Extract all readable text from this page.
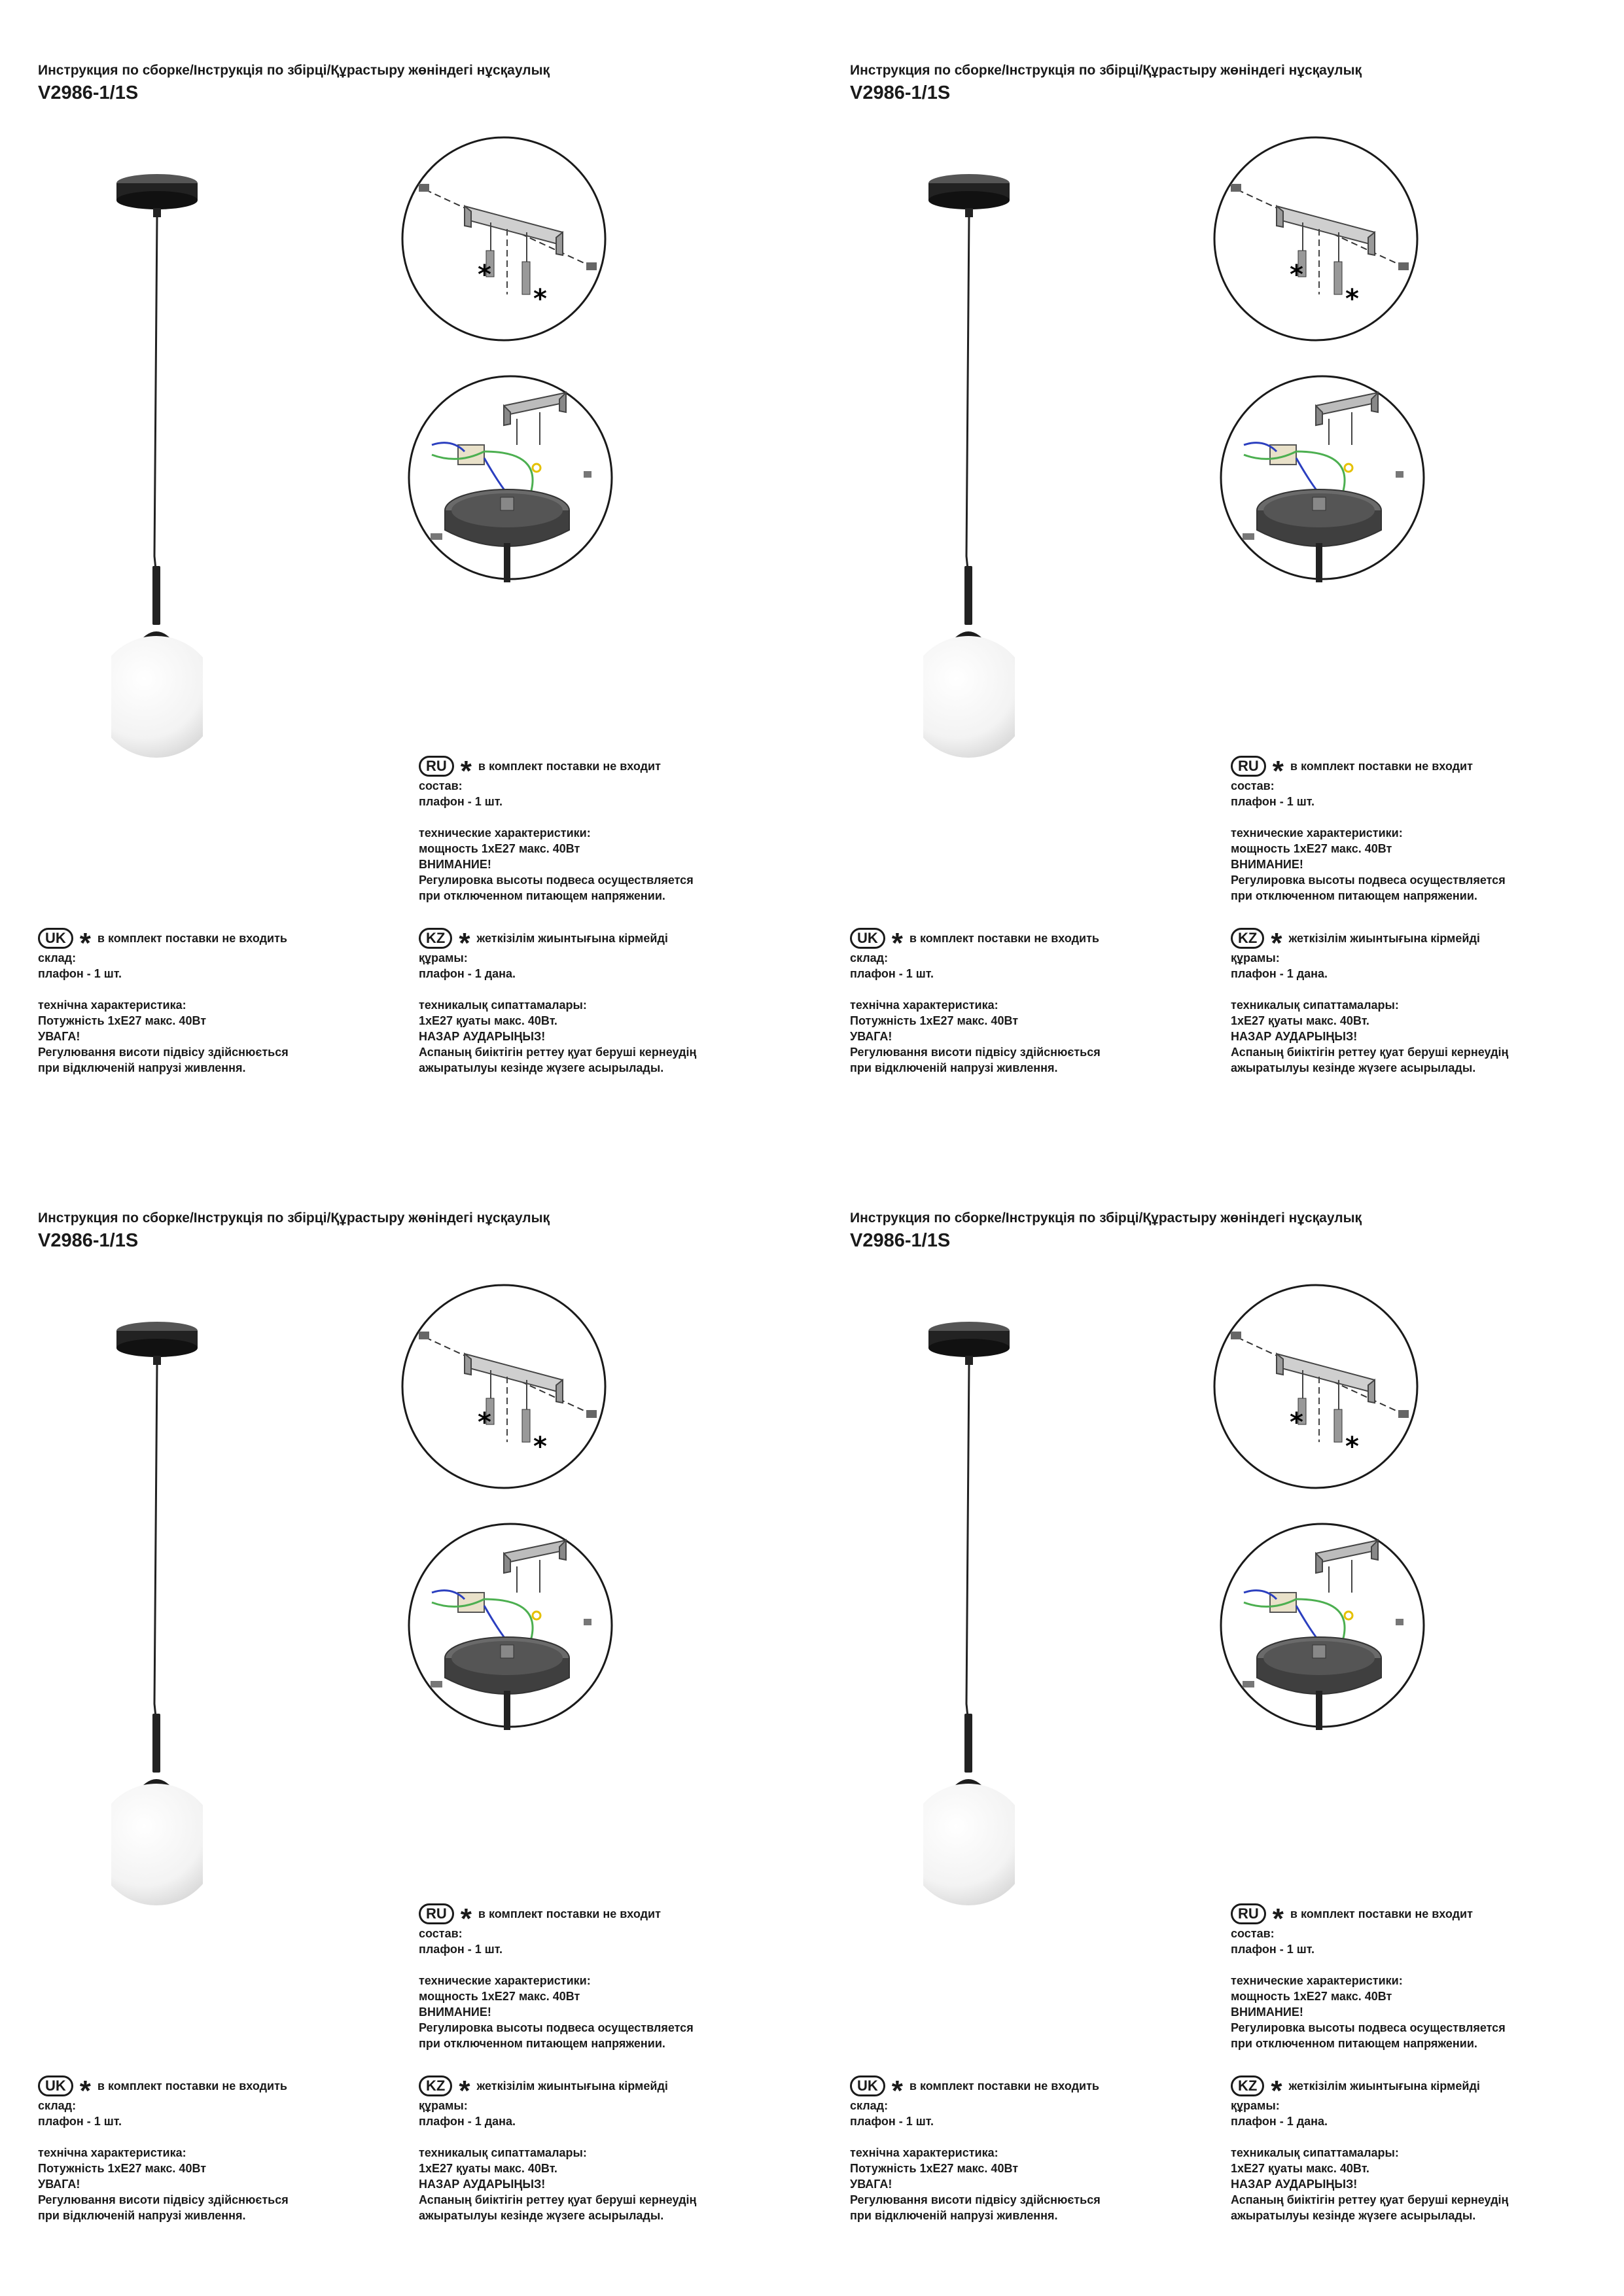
Инструкция по сборке/Інструкція по збірці/Құрастыру жөніндегі нұсқаулық
V2986-1/1S
*
*
RU * в комплект поставки не входит
состав:
плафон - 1 шт.
технические характеристики:
мощность 1xE27 макс. 40Вт
ВНИМАНИЕ!
Регулировка высоты подвеса осуществляется
при отключенном питающем напряжении.
UK * в комплект поставки не входить
склад:
плафон - 1 шт.
технічна характеристика:
Потужність 1xE27 макс. 40Вт
УВАГА!
Регулювання висоти підвісу здійснюється
при відключеній напрузі живлення.
KZ * жеткізілім жиынтығына кірмейді
құрамы:
плафон - 1 дана.
техникалық сипаттамалары:
1xE27 қуаты макс. 40Вт.
НАЗАР АУДАРЫҢЫЗ!
Аспаның биіктігін реттеу қуат беруші кернеудің
ажыратылуы кезінде жүзеге асырылады.
Инструкция по сборке/Інструкція по збірці/Құрастыру жөніндегі нұсқаулық
V2986-1/1S
*
*
RU * в комплект поставки не входит
состав:
плафон - 1 шт.
технические характеристики:
мощность 1xE27 макс. 40Вт
ВНИМАНИЕ!
Регулировка высоты подвеса осуществляется
при отключенном питающем напряжении.
UK * в комплект поставки не входить
склад:
плафон - 1 шт.
технічна характеристика:
Потужність 1xE27 макс. 40Вт
УВАГА!
Регулювання висоти підвісу здійснюється
при відключеній напрузі живлення.
KZ * жеткізілім жиынтығына кірмейді
құрамы:
плафон - 1 дана.
техникалық сипаттамалары:
1xE27 қуаты макс. 40Вт.
НАЗАР АУДАРЫҢЫЗ!
Аспаның биіктігін реттеу қуат беруші кернеудің
ажыратылуы кезінде жүзеге асырылады.
Инструкция по сборке/Інструкція по збірці/Құрастыру жөніндегі нұсқаулық
V2986-1/1S
*
*
RU * в комплект поставки не входит
состав:
плафон - 1 шт.
технические характеристики:
мощность 1xE27 макс. 40Вт
ВНИМАНИЕ!
Регулировка высоты подвеса осуществляется
при отключенном питающем напряжении.
UK * в комплект поставки не входить
склад:
плафон - 1 шт.
технічна характеристика:
Потужність 1xE27 макс. 40Вт
УВАГА!
Регулювання висоти підвісу здійснюється
при відключеній напрузі живлення.
KZ * жеткізілім жиынтығына кірмейді
құрамы:
плафон - 1 дана.
техникалық сипаттамалары:
1xE27 қуаты макс. 40Вт.
НАЗАР АУДАРЫҢЫЗ!
Аспаның биіктігін реттеу қуат беруші кернеудің
ажыратылуы кезінде жүзеге асырылады.
Инструкция по сборке/Інструкція по збірці/Құрастыру жөніндегі нұсқаулық
V2986-1/1S
*
*
RU * в комплект поставки не входит
состав:
плафон - 1 шт.
технические характеристики:
мощность 1xE27 макс. 40Вт
ВНИМАНИЕ!
Регулировка высоты подвеса осуществляется
при отключенном питающем напряжении.
UK * в комплект поставки не входить
склад:
плафон - 1 шт.
технічна характеристика:
Потужність 1xE27 макс. 40Вт
УВАГА!
Регулювання висоти підвісу здійснюється
при відключеній напрузі живлення.
KZ * жеткізілім жиынтығына кірмейді
құрамы:
плафон - 1 дана.
техникалық сипаттамалары:
1xE27 қуаты макс. 40Вт.
НАЗАР АУДАРЫҢЫЗ!
Аспаның биіктігін реттеу қуат беруші кернеудің
ажыратылуы кезінде жүзеге асырылады.
